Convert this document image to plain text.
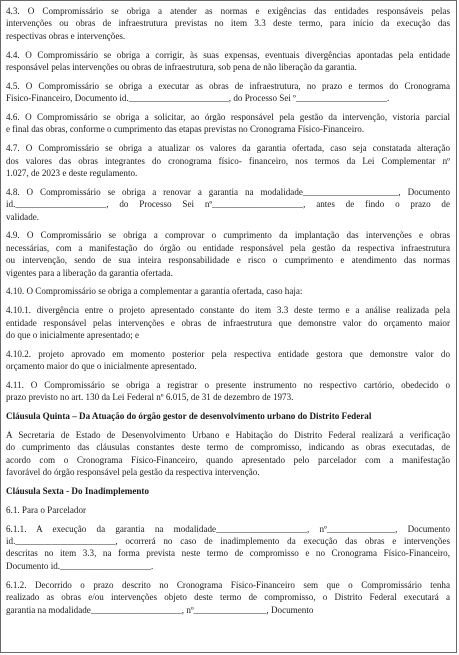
4.3. O Compromissário se obriga a atender as normas e exigências das entidades responsáveis pelas
intervenções ou obras de infraestrutura previstas no item 3.3 deste termo, para início da execução das
respectivas obras e intervenções.
4.4. O Compromissário se obriga a corrigir, às suas expensas, eventuais divergências apontadas pela entidade
responsável pelas intervenções ou obras de infraestrutura, sob pena de não liberação da garantia.
4.5. O Compromissário se obriga a executar as obras de infraestrutura, no prazo e termos do Cronograma
Físico-Financeiro, Documento id.______________________, do Processo Sei º____________________.
4.6. O Compromissário se obriga a solicitar, ao órgão responsável pela gestão da intervenção, vistoria parcial
e final das obras, conforme o cumprimento das etapas previstas no Cronograma Físico-Financeiro.
4.7. O Compromissário se obriga a atualizar os valores da garantia ofertada, caso seja constatada alteração
dos valores das obras integrantes do cronograma físico- financeiro, nos termos da Lei Complementar nº
1.027, de 2023 e deste regulamento.
4.8. O Compromissário se obriga a renovar a garantia na modalidade_____________________, Documento
id.____________________, do Processo Sei nº____________________, antes de findo o prazo de
validade.
4.9. O Compromissário se obriga a comprovar o cumprimento da implantação das intervenções e obras
necessárias, com a manifestação do órgão ou entidade responsável pela gestão da respectiva infraestrutura
ou intervenção, sendo de sua inteira responsabilidade e risco o cumprimento e atendimento das normas
vigentes para a liberação da garantia ofertada.
4.10. O Compromissário se obriga a complementar a garantia ofertada, caso haja:
4.10.1. divergência entre o projeto apresentado constante do item 3.3 deste termo e a análise realizada pela
entidade responsável pelas intervenções e obras de infraestrutura que demonstre valor do orçamento maior
do que o inicialmente apresentado; e
4.10.2. projeto aprovado em momento posterior pela respectiva entidade gestora que demonstre valor do
orçamento maior do que o inicialmente apresentado.
4.11. O Compromissário se obriga a registrar o presente instrumento no respectivo cartório, obedecido o
prazo previsto no art. 130 da Lei Federal nº 6.015, de 31 de dezembro de 1973.
Cláusula Quinta – Da Atuação do órgão gestor de desenvolvimento urbano do Distrito Federal
A Secretaria de Estado de Desenvolvimento Urbano e Habitação do Distrito Federal realizará a verificação
do cumprimento das cláusulas constantes deste termo de compromisso, indicando as obras executadas, de
acordo com o Cronograma Físico-Financeiro, quando apresentado pelo parcelador com a manifestação
favorável do órgão responsável pela gestão da respectiva intervenção.
Cláusula Sexta - Do Inadimplemento
6.1. Para o Parcelador
6.1.1. A execução da garantia na modalidade____________________, nº_______________, Documento
id.______________________, ocorrerá no caso de inadimplemento da execução das obras e intervenções
descritas no item 3.3, na forma prevista neste termo de compromisso e no Cronograma Físico-Financeiro,
Documento id.____________________.
6.1.2. Decorrido o prazo descrito no Cronograma Físico-Financeiro sem que o Compromissário tenha
realizado as obras e/ou intervenções objeto deste termo de compromisso, o Distrito Federal executará a
garantia na modalidade____________________, nº________________, Documento
